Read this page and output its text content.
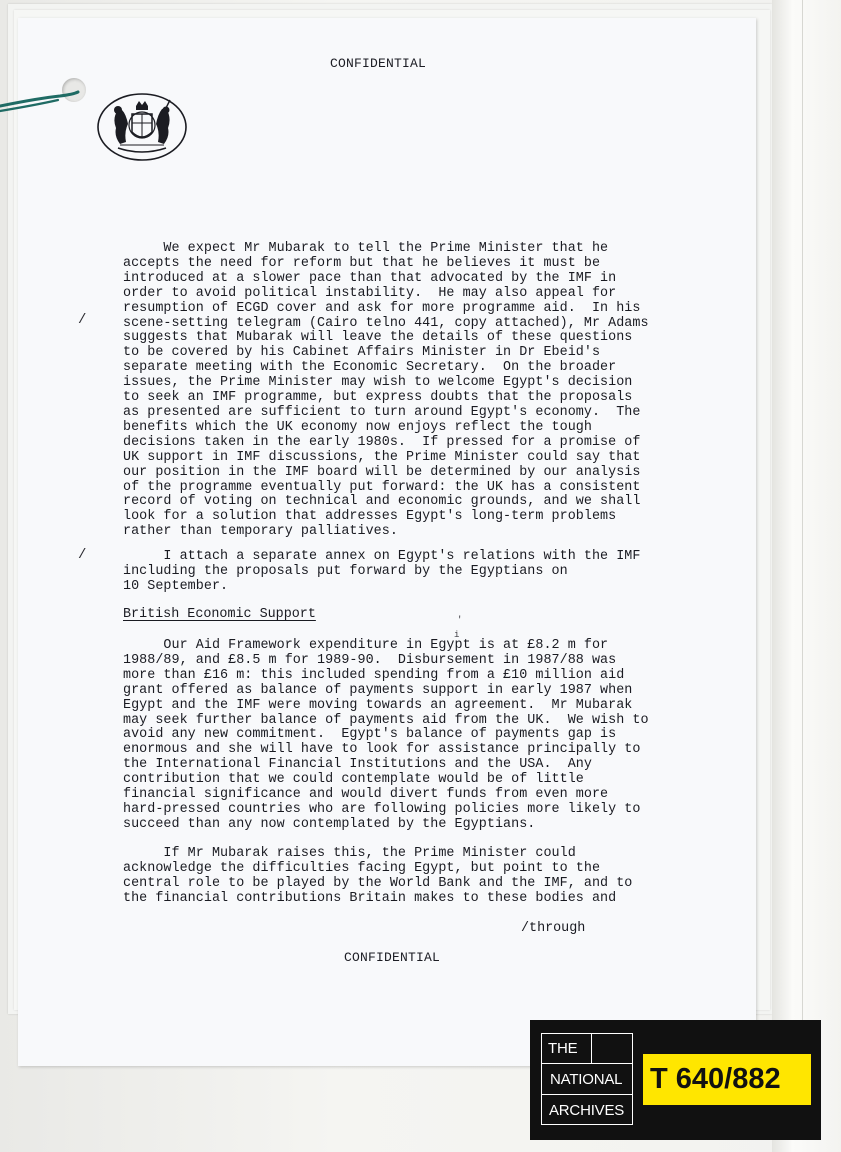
CONFIDENTIAL
We expect Mr Mubarak to tell the Prime Minister that he
accepts the need for reform but that he believes it must be
introduced at a slower pace than that advocated by the IMF in
order to avoid political instability.  He may also appeal for
resumption of ECGD cover and ask for more programme aid.  In his
scene-setting telegram (Cairo telno 441, copy attached), Mr Adams
suggests that Mubarak will leave the details of these questions
to be covered by his Cabinet Affairs Minister in Dr Ebeid's
separate meeting with the Economic Secretary.  On the broader
issues, the Prime Minister may wish to welcome Egypt's decision
to seek an IMF programme, but express doubts that the proposals
as presented are sufficient to turn around Egypt's economy.  The
benefits which the UK economy now enjoys reflect the tough
decisions taken in the early 1980s.  If pressed for a promise of
UK support in IMF discussions, the Prime Minister could say that
our position in the IMF board will be determined by our analysis
of the programme eventually put forward: the UK has a consistent
record of voting on technical and economic grounds, and we shall
look for a solution that addresses Egypt's long-term problems
rather than temporary palliatives.
/
I attach a separate annex on Egypt's relations with the IMF
including the proposals put forward by the Egyptians on
10 September.
/
British Economic Support	'
i
Our Aid Framework expenditure in Egypt is at £8.2 m for
1988/89, and £8.5 m for 1989-90.  Disbursement in 1987/88 was
more than £16 m: this included spending from a £10 million aid
grant offered as balance of payments support in early 1987 when
Egypt and the IMF were moving towards an agreement.  Mr Mubarak
may seek further balance of payments aid from the UK.  We wish to
avoid any new commitment.  Egypt's balance of payments gap is
enormous and she will have to look for assistance principally to
the International Financial Institutions and the USA.  Any
contribution that we could contemplate would be of little
financial significance and would divert funds from even more
hard-pressed countries who are following policies more likely to
succeed than any now contemplated by the Egyptians.
If Mr Mubarak raises this, the Prime Minister could
acknowledge the difficulties facing Egypt, but point to the
central role to be played by the World Bank and the IMF, and to
the financial contributions Britain makes to these bodies and
/through
CONFIDENTIAL
THE
NATIONAL
ARCHIVES
T 640/882
